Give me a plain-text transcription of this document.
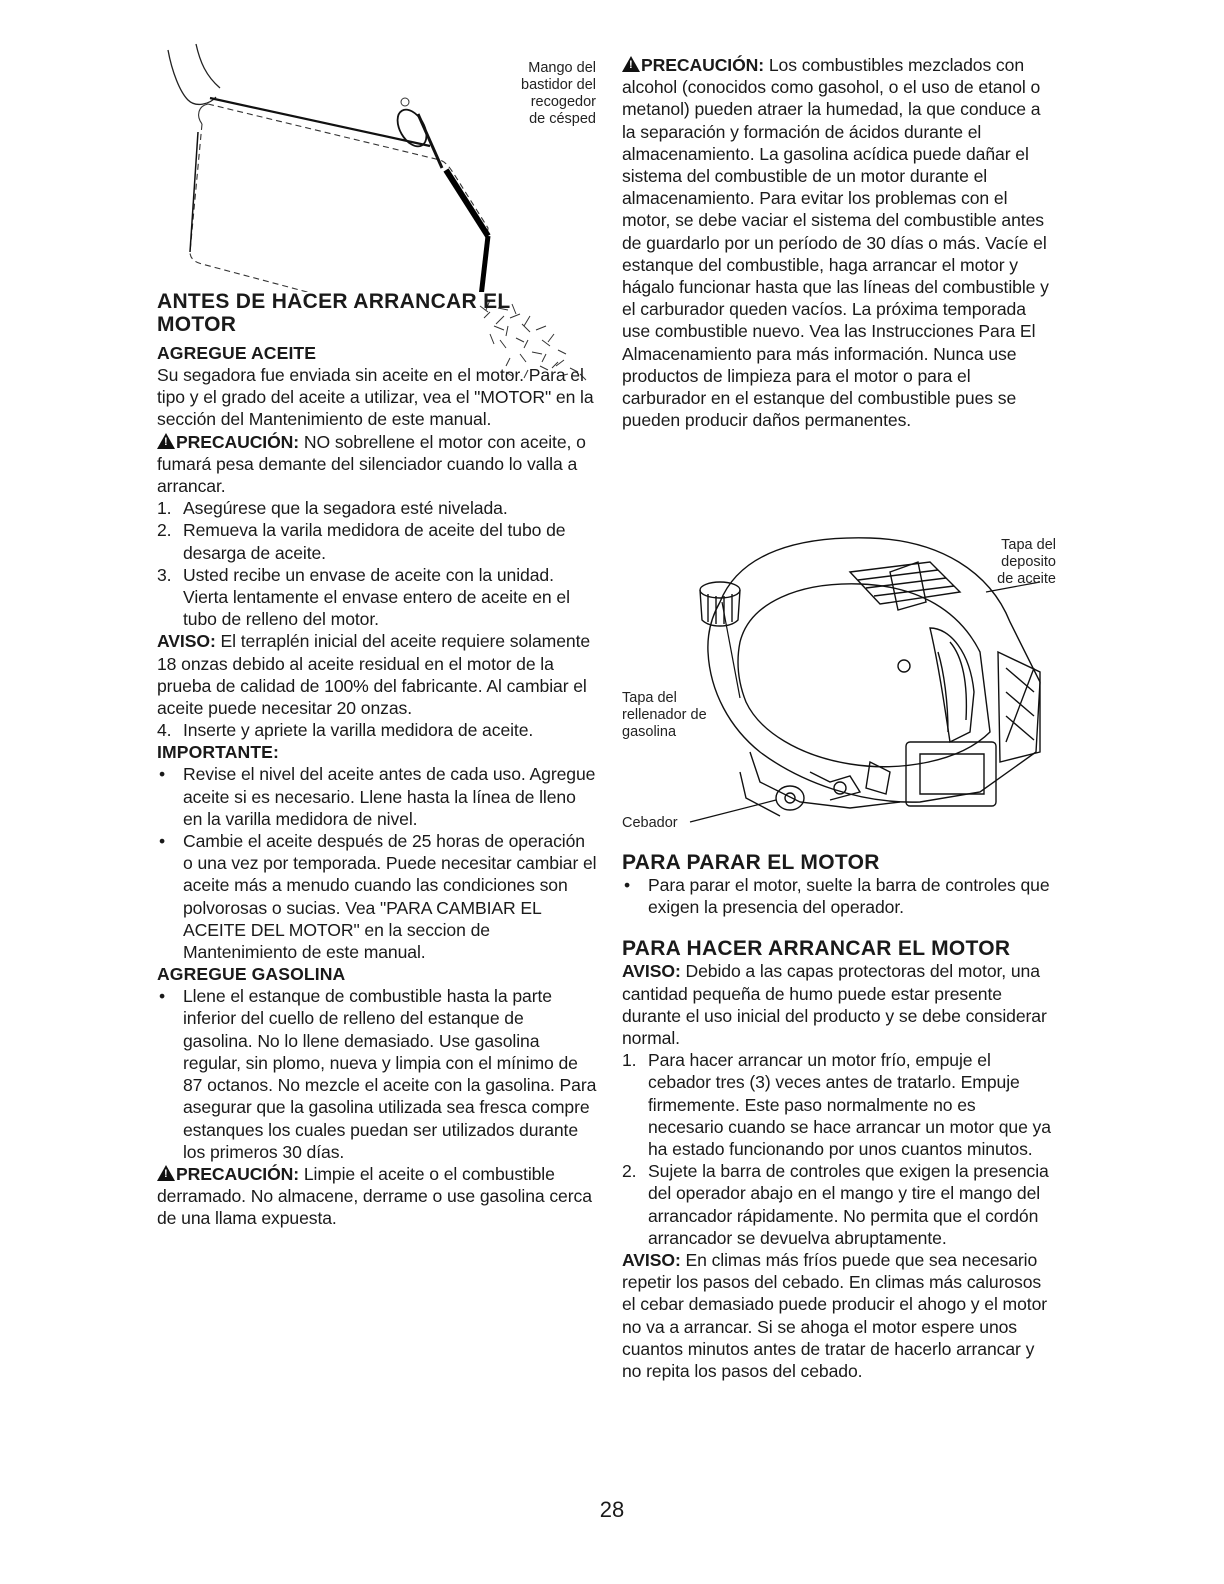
Mango del
bastidor del
recogedor
de césped
ANTES DE HACER ARRANCAR EL
MOTOR
AGREGUE ACEITE

Su segadora fue enviada sin aceite en el motor. Para el tipo y el grado del aceite a utilizar, vea el "MOTOR" en la sección del Mantenimiento de este manual.

!PRECAUCIÓN: NO sobrellene el motor con aceite, o fumará pesa demante del silenciador cuando lo valla a arrancar.

1. Asegúrese que la segadora esté nivelada.
2. Remueva la varila medidora de aceite del tubo de desarga de aceite.
3. Usted recibe un envase de aceite con la unidad. Vierta lentamente el envase entero de aceite en el tubo de relleno del motor.

AVISO: El terraplén inicial del aceite requiere solamente 18 onzas debido al aceite residual en el motor de la prueba de calidad de 100% del fabricante. Al cambiar el aceite puede necesitar 20 onzas.

4. Inserte y apriete la varilla medidora de aceite.

IMPORTANTE:

•	Revise el nivel del aceite antes de cada uso. Agregue aceite si es necesario. Llene hasta la línea de lleno en la varilla medidora de nivel.
•	Cambie el aceite después de 25 horas de operación o una vez por temporada. Puede necesitar cambiar el aceite más a menudo cuando las condiciones son polvorosas o sucias. Vea "PARA CAMBIAR EL ACEITE DEL MOTOR" en la seccion de Mantenimiento de este manual.
AGREGUE GASOLINA
•	Llene el estanque de combustible hasta la parte inferior del cuello de relleno del estanque de gasolina. No lo llene demasiado. Use gasolina regular, sin plomo, nueva y limpia con el mínimo de 87 octanos. No mezcle el aceite con la gasolina. Para asegurar que la gasolina utilizada sea fresca compre estanques los cuales puedan ser utilizados durante los primeros 30 días.

!PRECAUCIÓN: Limpie el aceite o el combustible derramado. No almacene, derrame o use gasolina cerca de una llama expuesta.

!PRECAUCIÓN: Los combustibles mezclados con alcohol (conocidos como gasohol, o el uso de etanol o metanol) pueden atraer la humedad, la que conduce a la separación y formación de ácidos durante el almacenamiento. La gasolina acídica puede dañar el sistema del combustible de un motor durante el almacenamiento. Para evitar los problemas con el motor, se debe vaciar el sistema del combustible antes de guardarlo por un período de 30 días o más. Vacíe el estanque del combustible, haga arrancar el motor y hágalo funcionar hasta que las líneas del combustible y el carburador queden vacíos. La próxima temporada use combustible nuevo. Vea las Instrucciones Para El Almacenamiento para más información. Nunca use productos de limpieza para el motor o para el carburador en el estanque del combustible pues se pueden producir daños permanentes.

Tapa del
deposito
de aceite
Tapa del
rellenador de
gasolina
Cebador
PARA PARAR EL MOTOR
•	Para parar el motor, suelte la barra de controles que exigen la presencia del operador.
PARA HACER ARRANCAR EL MOTOR

AVISO: Debido a las capas protectoras del motor, una cantidad pequeña de humo puede estar presente durante el uso inicial del producto y se debe considerar normal.

1. Para hacer arrancar un motor frío, empuje el cebador tres (3) veces antes de tratarlo. Empuje firmemente. Este paso normalmente no es necesario cuando se hace arrancar un motor que ya ha estado funcionando por unos cuantos minutos.
2. Sujete la barra de controles que exigen la presencia del operador abajo en el mango y tire el mango del arrancador rápidamente. No permita que el cordón arrancador se devuelva abruptamente.

AVISO: En climas más fríos puede que sea necesario repetir los pasos del cebado. En climas más calurosos el cebar demasiado puede producir el ahogo y el motor no va a arrancar. Si se ahoga el motor espere unos cuantos minutos antes de tratar de hacerlo arrancar y no repita los pasos del cebado.

28
